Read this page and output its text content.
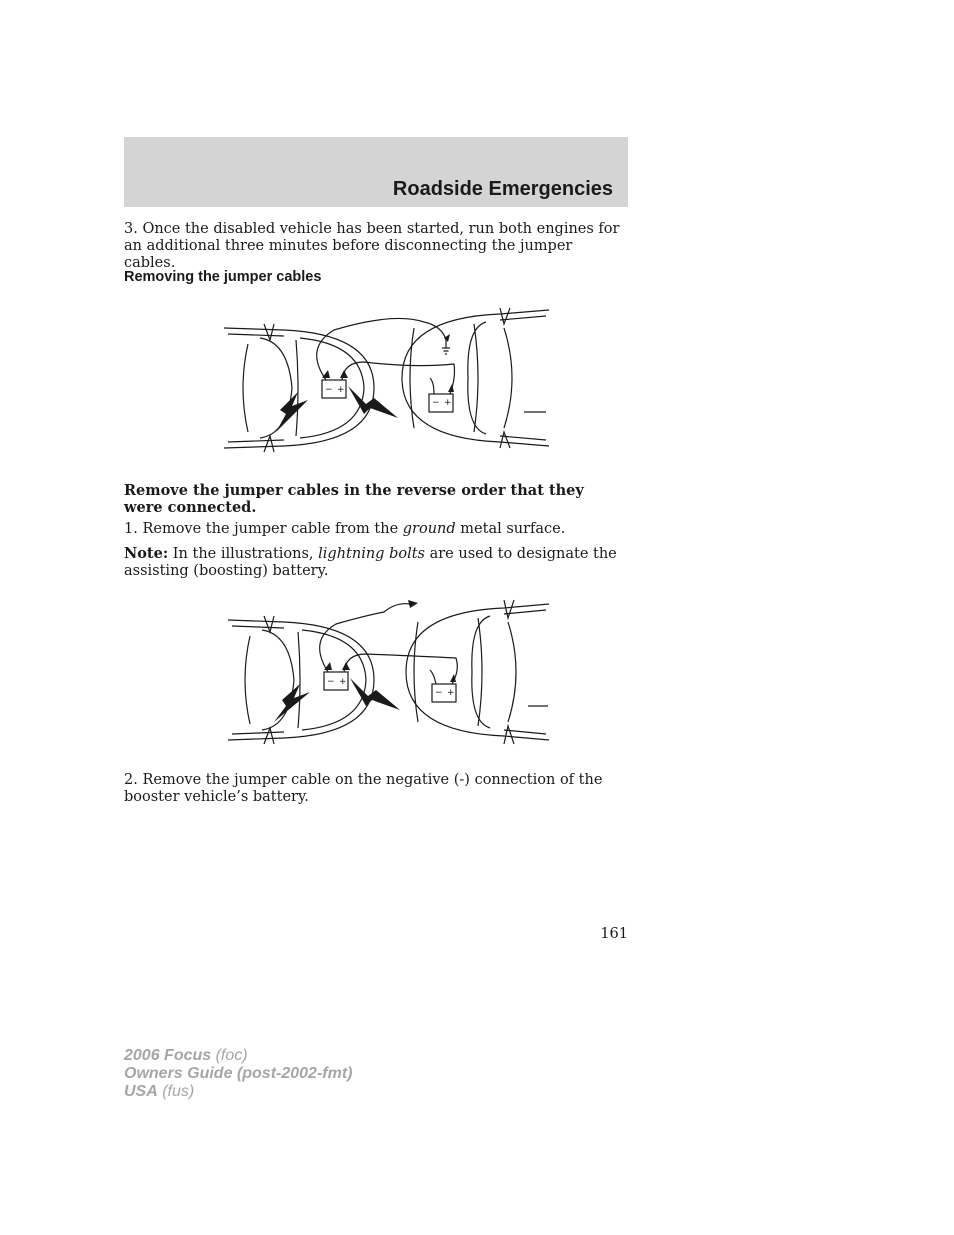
Roadside Emergencies

3. Once the disabled vehicle has been started, run both engines for an additional three minutes before disconnecting the jumper cables.

Removing the jumper cables
− +
− +

Remove the jumper cables in the reverse order that they were connected.

1. Remove the jumper cable from the ground metal surface.

Note: In the illustrations, lightning bolts are used to designate the assisting (boosting) battery.

− +
− +

2. Remove the jumper cable on the negative (-) connection of the booster vehicle’s battery.

161
2006 Focus (foc)
Owners Guide (post-2002-fmt)
USA (fus)
